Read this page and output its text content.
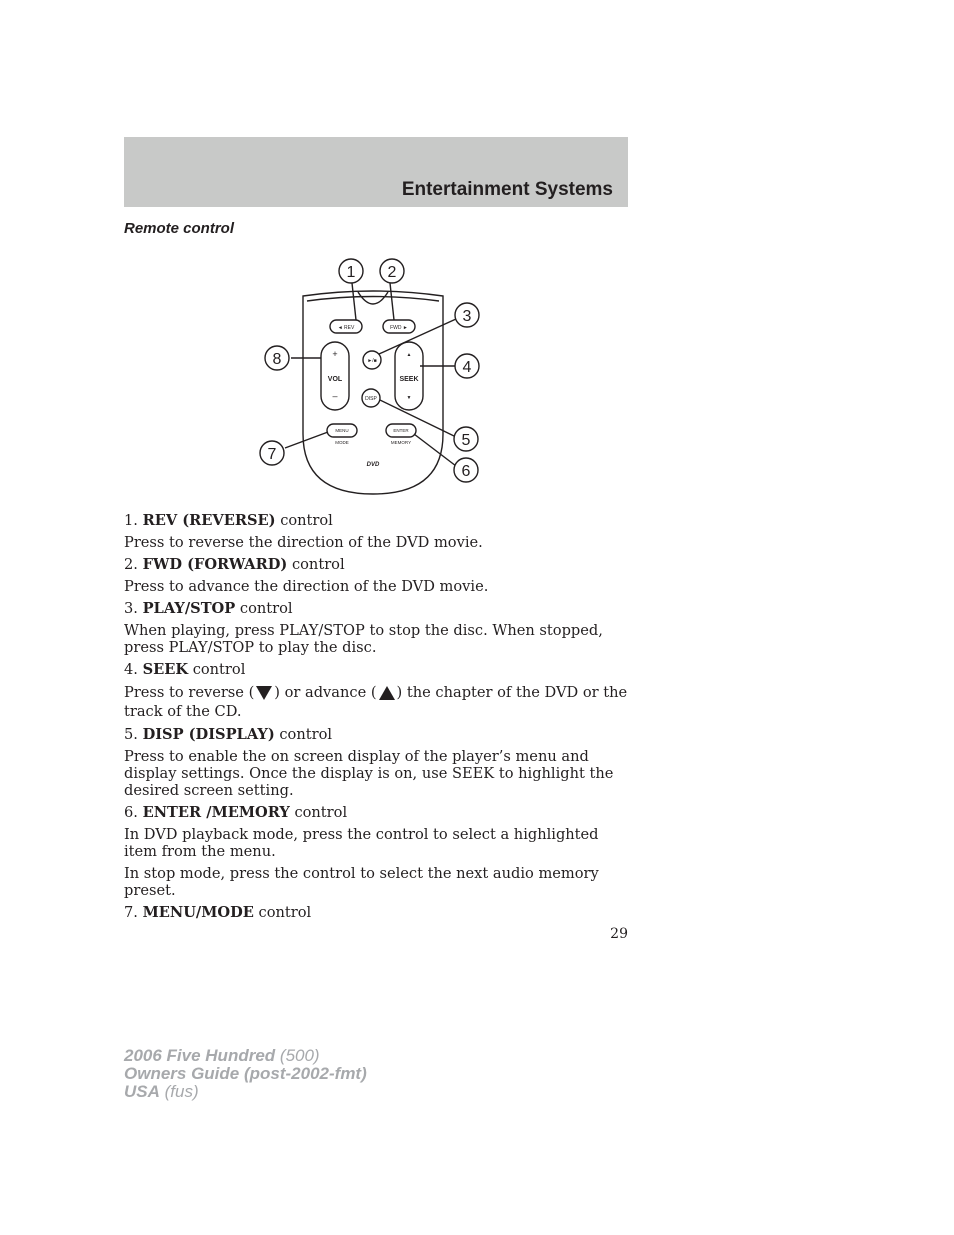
Entertainment Systems
Remote control
1 2
3
4
5
6
7
8
◄ REV	FWD ►
+
VOL
–
▲
SEEK
▼
►/■
DISP
MENU
MODE
ENTER
MEMORY
DVD

1. REV (REVERSE) control

Press to reverse the direction of the DVD movie.

2. FWD (FORWARD) control

Press to advance the direction of the DVD movie.

3. PLAY/STOP control

When playing, press PLAY/STOP to stop the disc. When stopped, press PLAY/STOP to play the disc.

4. SEEK control

Press to reverse ( ) or advance ( ) the chapter of the DVD or the track of the CD.

5. DISP (DISPLAY) control

Press to enable the on screen display of the player’s menu and display settings. Once the display is on, use SEEK to highlight the desired screen setting.

6. ENTER /MEMORY control

In DVD playback mode, press the control to select a highlighted item from the menu.

In stop mode, press the control to select the next audio memory preset.

7. MENU/MODE control

29
2006 Five Hundred (500)
Owners Guide (post-2002-fmt)
USA (fus)
